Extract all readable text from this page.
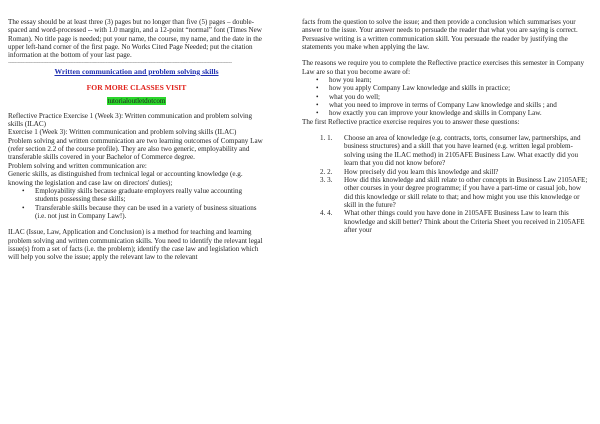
The essay should be at least three (3) pages but no longer than five (5) pages – double-spaced and word-processed -- with 1.0 margin, and a 12-point “normal” font (Times New Roman). No title page is needed; put your name, the course, my name, and the date in the upper left-hand corner of the first page. No Works Cited Page Needed; put the citation information at the bottom of your last page.

--------------------------------------------------------------------------------------------------------------------------------------------

Written communication and problem solving skills

FOR MORE CLASSES VISIT

tutorialoutletdotcom

Reflective Practice Exercise 1 (Week 3): Written communication and problem solving skills (ILAC)

Exercise 1 (Week 3): Written communication and problem solving skills (ILAC)

Problem solving and written communication are two learning outcomes of Company Law (refer section 2.2 of the course profile). They are also two generic, employability and transferable skills covered in your Bachelor of Commerce degree.

Problem solving and written communication are:

Generic skills, as distinguished from technical legal or accounting knowledge (e.g. knowing the legislation and case law on directors' duties);

• Employability skills because graduate employers really value accounting students possessing these skills;
• Transferable skills because they can be used in a variety of business situations (i.e. not just in Company Law!).

ILAC (Issue, Law, Application and Conclusion) is a method for teaching and learning problem solving and written communication skills. You need to identify the relevant legal issue(s) from a set of facts (i.e. the problem); identify the case law and legislation which will help you solve the issue; apply the relevant law to the relevant

facts from the question to solve the issue; and then provide a conclusion which summarises your answer to the issue. Your answer needs to persuade the reader that what you are saying is correct. Persuasive writing is a written communication skill. You persuade the reader by justifying the statements you make when applying the law.

The reasons we require you to complete the Reflective practice exercises this semester in Company Law are so that you become aware of:

• how you learn;
• how you apply Company Law knowledge and skills in practice;
• what you do well;
• what you need to improve in terms of Company Law knowledge and skills ; and
• how exactly you can improve your knowledge and skills in Company Law.

The first Reflective practice exercise requires you to answer these questions:

1. 1. Choose an area of knowledge (e.g. contracts, torts, consumer law, partnerships, and business structures) and a skill that you have learned (e.g. written legal problem-solving using the ILAC method) in 2105AFE Business Law. What exactly did you learn that you did not know before?
2. 2. How precisely did you learn this knowledge and skill?
3. 3. How did this knowledge and skill relate to other concepts in Business Law 2105AFE; other courses in your degree programme; if you have a part-time or casual job, how did this knowledge or skill relate to that; and how might you use this knowledge or skill in the future?
4. 4. What other things could you have done in 2105AFE Business Law to learn this knowledge and skill better? Think about the Criteria Sheet you received in 2105AFE after your
